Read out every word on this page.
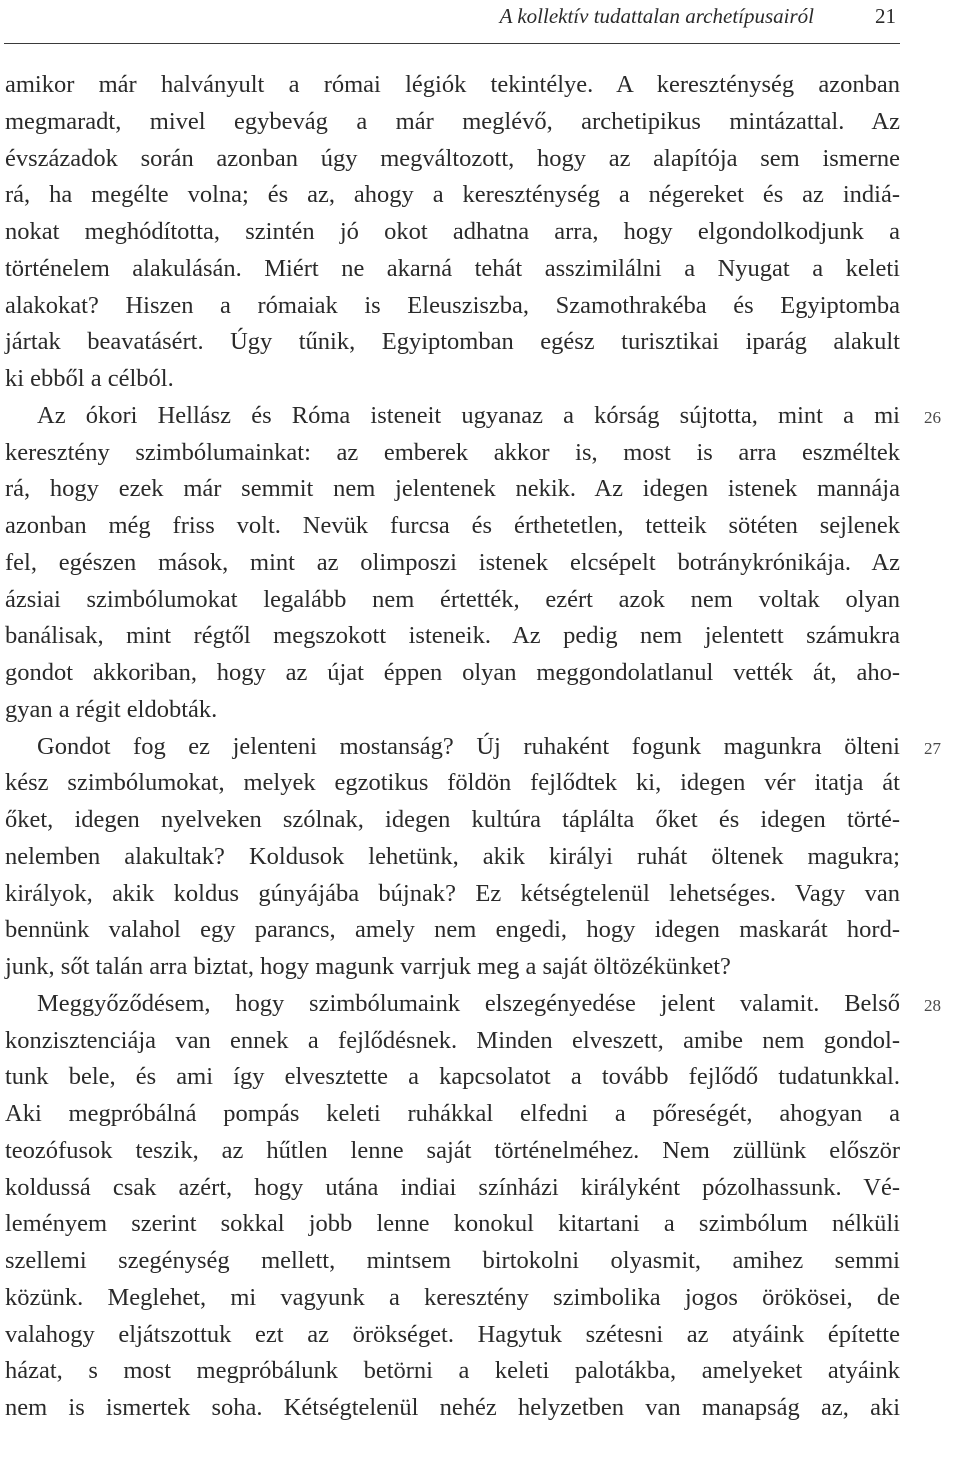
A kollektív tudattalan archetípusairól	21
amikor már halványult a római légiók tekintélye. A kereszténység azonban
megmaradt, mivel egybevág a már meglévő, archetipikus mintázattal. Az
évszázadok során azonban úgy megváltozott, hogy az alapítója sem ismerne
rá, ha megélte volna; és az, ahogy a kereszténység a négereket és az indiá-
nokat meghódította, szintén jó okot adhatna arra, hogy elgondolkodjunk a
történelem alakulásán. Miért ne akarná tehát asszimilálni a Nyugat a keleti
alakokat? Hiszen a rómaiak is Eleusziszba, Szamothrakéba és Egyiptomba
jártak beavatásért. Úgy tűnik, Egyiptomban egész turisztikai iparág alakult
ki ebből a célból.
Az ókori Hellász és Róma isteneit ugyanaz a kórság sújtotta, mint a mi
keresztény szimbólumainkat: az emberek akkor is, most is arra eszméltek
rá, hogy ezek már semmit nem jelentenek nekik. Az idegen istenek mannája
azonban még friss volt. Nevük furcsa és érthetetlen, tetteik sötéten sejlenek
fel, egészen mások, mint az olimposzi istenek elcsépelt botránykrónikája. Az
ázsiai szimbólumokat legalább nem értették, ezért azok nem voltak olyan
banálisak, mint régtől megszokott isteneik. Az pedig nem jelentett számukra
gondot akkoriban, hogy az újat éppen olyan meggondolatlanul vették át, aho-
gyan a régit eldobták.
Gondot fog ez jelenteni mostanság? Új ruhaként fogunk magunkra ölteni
kész szimbólumokat, melyek egzotikus földön fejlődtek ki, idegen vér itatja át
őket, idegen nyelveken szólnak, idegen kultúra táplálta őket és idegen törté-
nelemben alakultak? Koldusok lehetünk, akik királyi ruhát öltenek magukra;
királyok, akik koldus gúnyájába bújnak? Ez kétségtelenül lehetséges. Vagy van
bennünk valahol egy parancs, amely nem engedi, hogy idegen maskarát hord-
junk, sőt talán arra biztat, hogy magunk varrjuk meg a saját öltözékünket?
Meggyőződésem, hogy szimbólumaink elszegényedése jelent valamit. Belső
konzisztenciája van ennek a fejlődésnek. Minden elveszett, amibe nem gondol-
tunk bele, és ami így elvesztette a kapcsolatot a tovább fejlődő tudatunkkal.
Aki megpróbálná pompás keleti ruhákkal elfedni a pőreségét, ahogyan a
teozófusok teszik, az hűtlen lenne saját történelméhez. Nem züllünk először
koldussá csak azért, hogy utána indiai színházi királyként pózolhassunk. Vé-
leményem szerint sokkal jobb lenne konokul kitartani a szimbólum nélküli
szellemi szegénység mellett, mintsem birtokolni olyasmit, amihez semmi
közünk. Meglehet, mi vagyunk a keresztény szimbolika jogos örökösei, de
valahogy eljátszottuk ezt az örökséget. Hagytuk szétesni az atyáink építette
házat, s most megpróbálunk betörni a keleti palotákba, amelyeket atyáink
nem is ismertek soha. Kétségtelenül nehéz helyzetben van manapság az, aki
26
27
28
